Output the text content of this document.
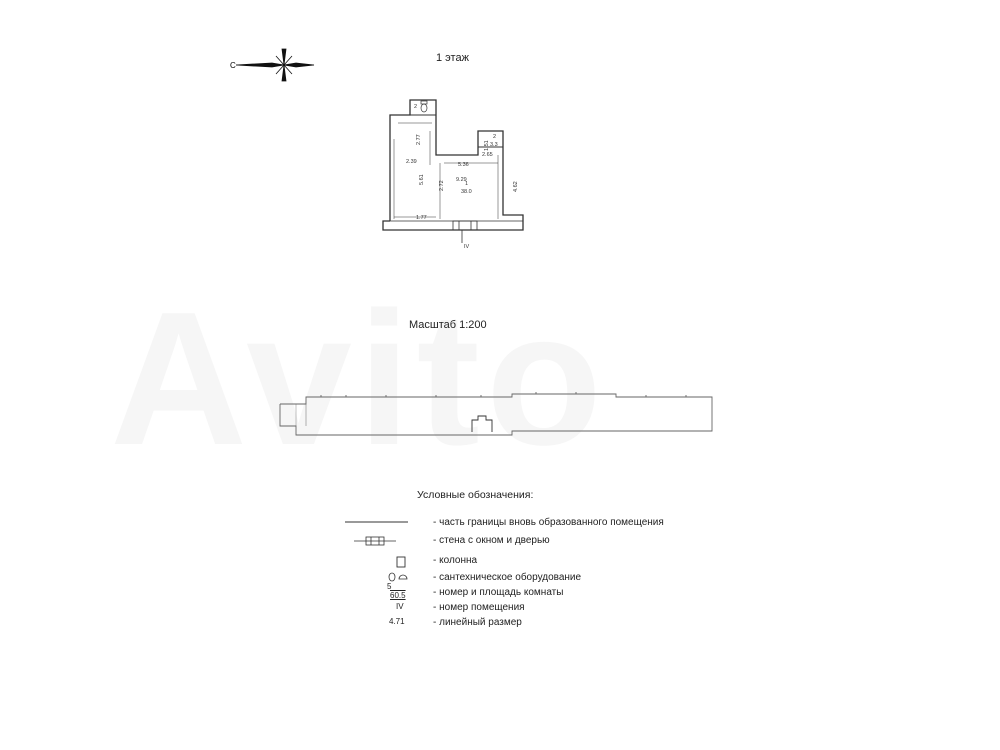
С
1 этаж
2.77
2.39
5.61
2.72
5.36
9.29
1.51
2.65
4.62
1.77
1
38.0
2
3.3
2
IV
Масштаб 1:200
Условные обозначения:
5
60.5
IV
4.71
- часть границы вновь образованного помещения
- стена с окном и дверью
- колонна
- сантехническое оборудование
- номер и площадь комнаты
- номер помещения
- линейный размер
